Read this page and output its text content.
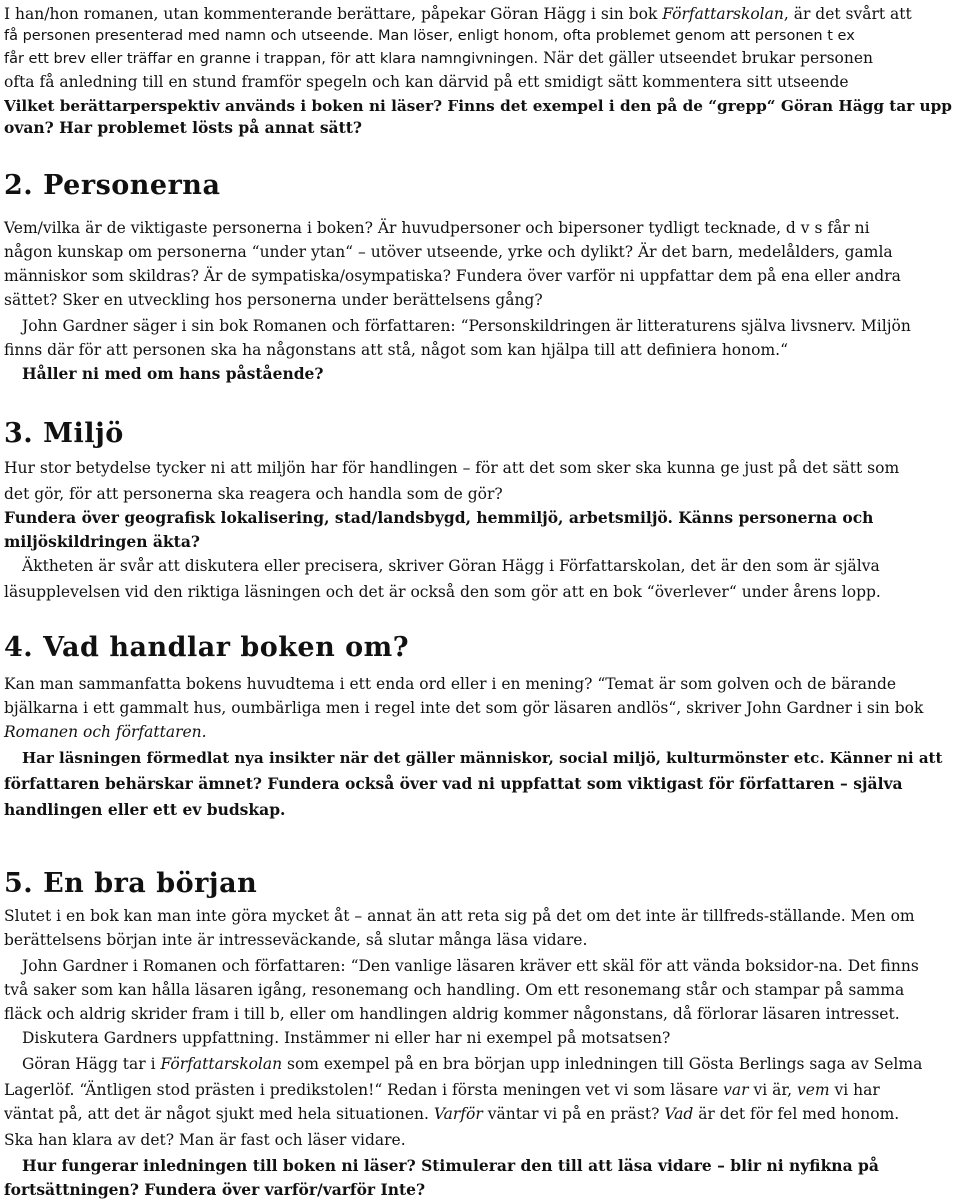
I han/hon romanen, utan kommenterande berättare, påpekar Göran Hägg i sin bok Författarskolan, är det svårt att
få personen presenterad med namn och utseende. Man löser, enligt honom, ofta problemet genom att personen t ex
får ett brev eller träffar en granne i trappan, för att klara namngivningen. När det gäller utseendet brukar personen
ofta få anledning till en stund framför spegeln och kan därvid på ett smidigt sätt kommentera sitt utseende
Vilket berättarperspektiv används i boken ni läser? Finns det exempel i den på de “grepp“ Göran Hägg tar upp
ovan? Har problemet lösts på annat sätt?
2. Personerna
Vem/vilka är de viktigaste personerna i boken? Är huvudpersoner och bipersoner tydligt tecknade, d v s får ni
någon kunskap om personerna “under ytan“ – utöver utseende, yrke och dylikt? Är det barn, medelålders, gamla
människor som skildras? Är de sympatiska/osympatiska? Fundera över varför ni uppfattar dem på ena eller andra
sättet? Sker en utveckling hos personerna under berättelsens gång?
John Gardner säger i sin bok Romanen och författaren: “Personskildringen är litteraturens själva livsnerv. Miljön
finns där för att personen ska ha någonstans att stå, något som kan hjälpa till att definiera honom.“
Håller ni med om hans påstående?
3. Miljö
Hur stor betydelse tycker ni att miljön har för handlingen – för att det som sker ska kunna ge just på det sätt som
det gör, för att personerna ska reagera och handla som de gör?
Fundera över geografisk lokalisering, stad/landsbygd, hemmiljö, arbetsmiljö. Känns personerna och
miljöskildringen äkta?
Äktheten är svår att diskutera eller precisera, skriver Göran Hägg i Författarskolan, det är den som är själva
läsupplevelsen vid den riktiga läsningen och det är också den som gör att en bok “överlever“ under årens lopp.
4. Vad handlar boken om?
Kan man sammanfatta bokens huvudtema i ett enda ord eller i en mening? “Temat är som golven och de bärande
bjälkarna i ett gammalt hus, oumbärliga men i regel inte det som gör läsaren andlös“, skriver John Gardner i sin bok
Romanen och författaren.
Har läsningen förmedlat nya insikter när det gäller människor, social miljö, kulturmönster etc. Känner ni att
författaren behärskar ämnet? Fundera också över vad ni uppfattat som viktigast för författaren – själva
handlingen eller ett ev budskap.
5. En bra början
Slutet i en bok kan man inte göra mycket åt – annat än att reta sig på det om det inte är tillfreds-ställande. Men om
berättelsens början inte är intresseväckande, så slutar många läsa vidare.
John Gardner i Romanen och författaren: “Den vanlige läsaren kräver ett skäl för att vända boksidor-na. Det finns
två saker som kan hålla läsaren igång, resonemang och handling. Om ett resonemang står och stampar på samma
fläck och aldrig skrider fram i till b, eller om handlingen aldrig kommer någonstans, då förlorar läsaren intresset.
Diskutera Gardners uppfattning. Instämmer ni eller har ni exempel på motsatsen?
Göran Hägg tar i Författarskolan som exempel på en bra början upp inledningen till Gösta Berlings saga av Selma
Lagerlöf. “Äntligen stod prästen i predikstolen!“ Redan i första meningen vet vi som läsare var vi är, vem vi har
väntat på, att det är något sjukt med hela situationen. Varför väntar vi på en präst? Vad är det för fel med honom.
Ska han klara av det? Man är fast och läser vidare.
Hur fungerar inledningen till boken ni läser? Stimulerar den till att läsa vidare – blir ni nyfikna på
fortsättningen? Fundera över varför/varför Inte?
